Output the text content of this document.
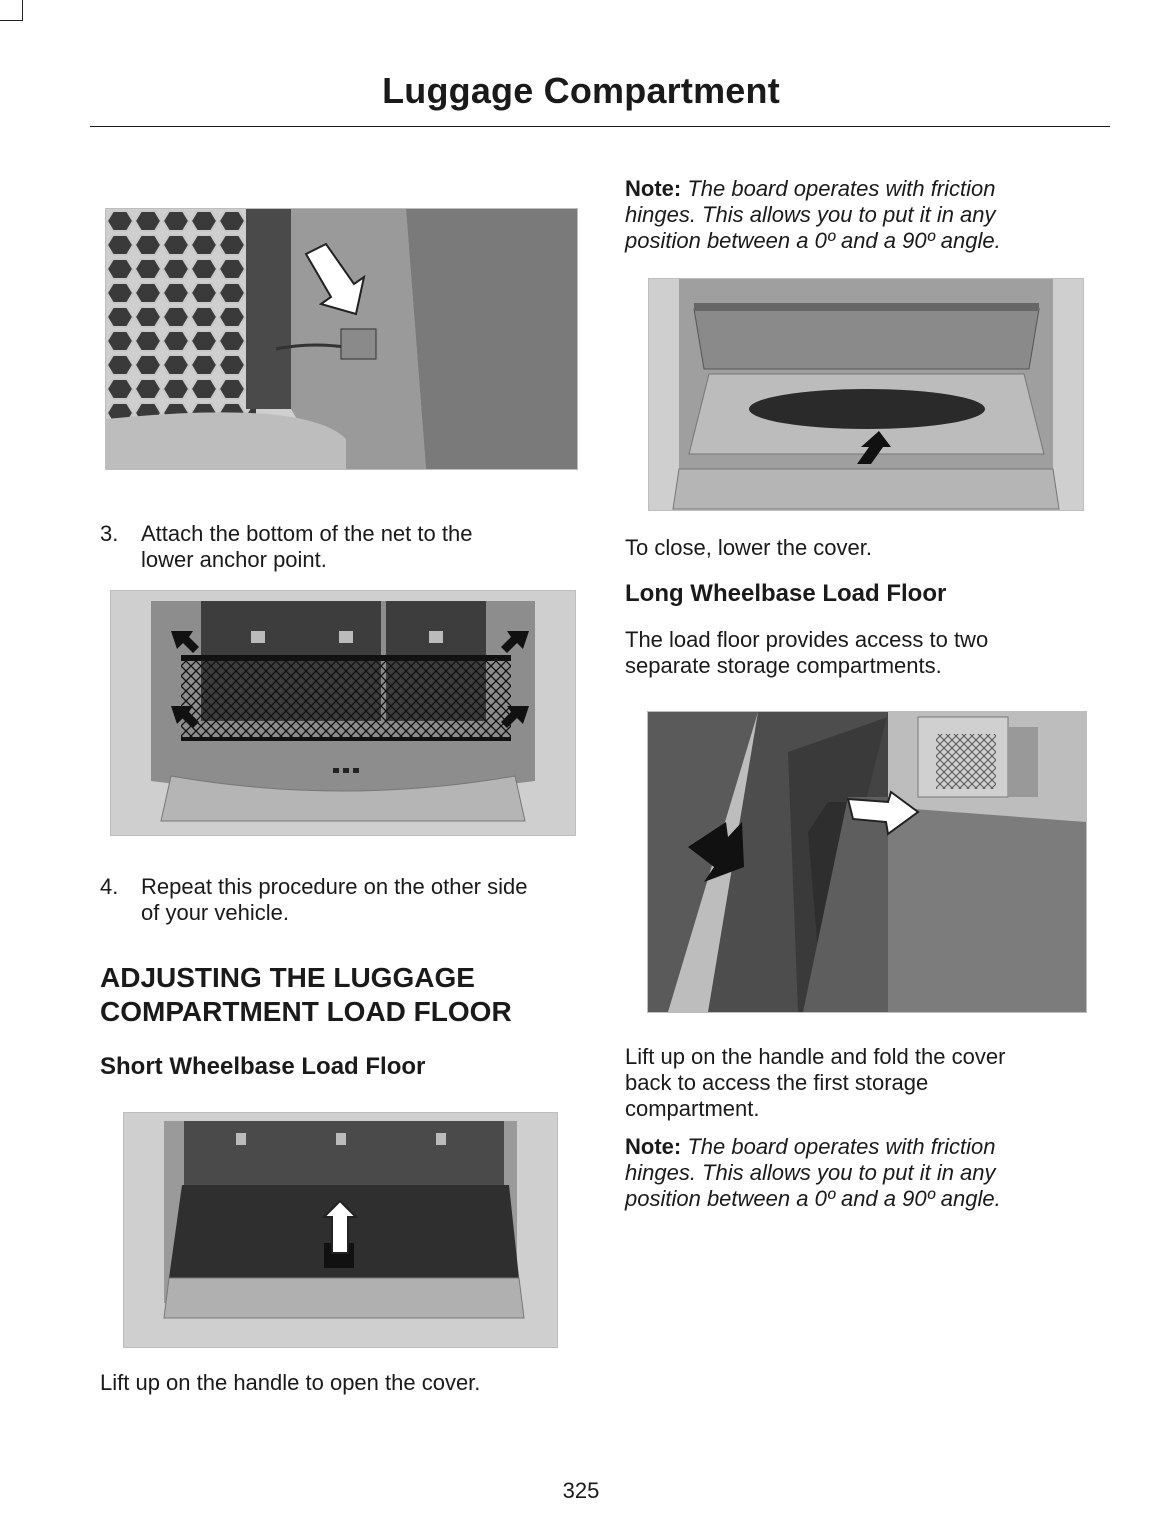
Luggage Compartment
3. Attach the bottom of the net to the
lower anchor point.
4. Repeat this procedure on the other side
of your vehicle.

ADJUSTING THE LUGGAGE
COMPARTMENT LOAD FLOOR

Short Wheelbase Load Floor

Lift up on the handle to open the cover.

Note: The board operates with friction
hinges. This allows you to put it in any
position between a 0º and a 90º angle.

To close, lower the cover.

Long Wheelbase Load Floor

The load floor provides access to two
separate storage compartments.

Lift up on the handle and fold the cover
back to access the first storage
compartment.

Note: The board operates with friction
hinges. This allows you to put it in any
position between a 0º and a 90º angle.

325
